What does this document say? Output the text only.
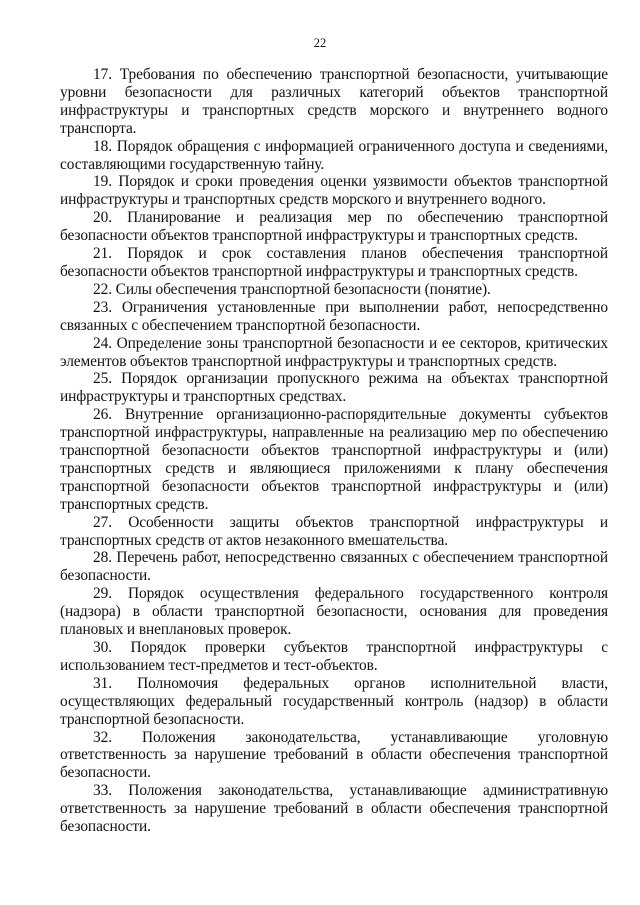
22

17. Требования по обеспечению транспортной безопасности, учитывающие уровни безопасности для различных категорий объектов транспортной инфраструктуры и транспортных средств морского и внутреннего водного транспорта.

18. Порядок обращения с информацией ограниченного доступа и сведениями, составляющими государственную тайну.

19. Порядок и сроки проведения оценки уязвимости объектов транспортной инфраструктуры и транспортных средств морского и внутреннего водного.

20. Планирование и реализация мер по обеспечению транспортной безопасности объектов транспортной инфраструктуры и транспортных средств.

21. Порядок и срок составления планов обеспечения транспортной безопасности объектов транспортной инфраструктуры и транспортных средств.

22. Силы обеспечения транспортной безопасности (понятие).

23. Ограничения установленные при выполнении работ, непосредственно связанных с обеспечением транспортной безопасности.

24. Определение зоны транспортной безопасности и ее секторов, критических элементов объектов транспортной инфраструктуры и транспортных средств.

25. Порядок организации пропускного режима на объектах транспортной инфраструктуры и транспортных средствах.

26. Внутренние организационно-распорядительные документы субъектов транспортной инфраструктуры, направленные на реализацию мер по обеспечению транспортной безопасности объектов транспортной инфраструктуры и (или) транспортных средств и являющиеся приложениями к плану обеспечения транспортной безопасности объектов транспортной инфраструктуры и (или) транспортных средств.

27. Особенности защиты объектов транспортной инфраструктуры и транспортных средств от актов незаконного вмешательства.

28. Перечень работ, непосредственно связанных с обеспечением транспортной безопасности.

29. Порядок осуществления федерального государственного контроля (надзора) в области транспортной безопасности, основания для проведения плановых и внеплановых проверок.

30. Порядок проверки субъектов транспортной инфраструктуры с использованием тест-предметов и тест-объектов.

31. Полномочия федеральных органов исполнительной власти, осуществляющих федеральный государственный контроль (надзор) в области транспортной безопасности.

32. Положения законодательства, устанавливающие уголовную ответственность за нарушение требований в области обеспечения транспортной безопасности.

33. Положения законодательства, устанавливающие административную ответственность за нарушение требований в области обеспечения транспортной безопасности.
